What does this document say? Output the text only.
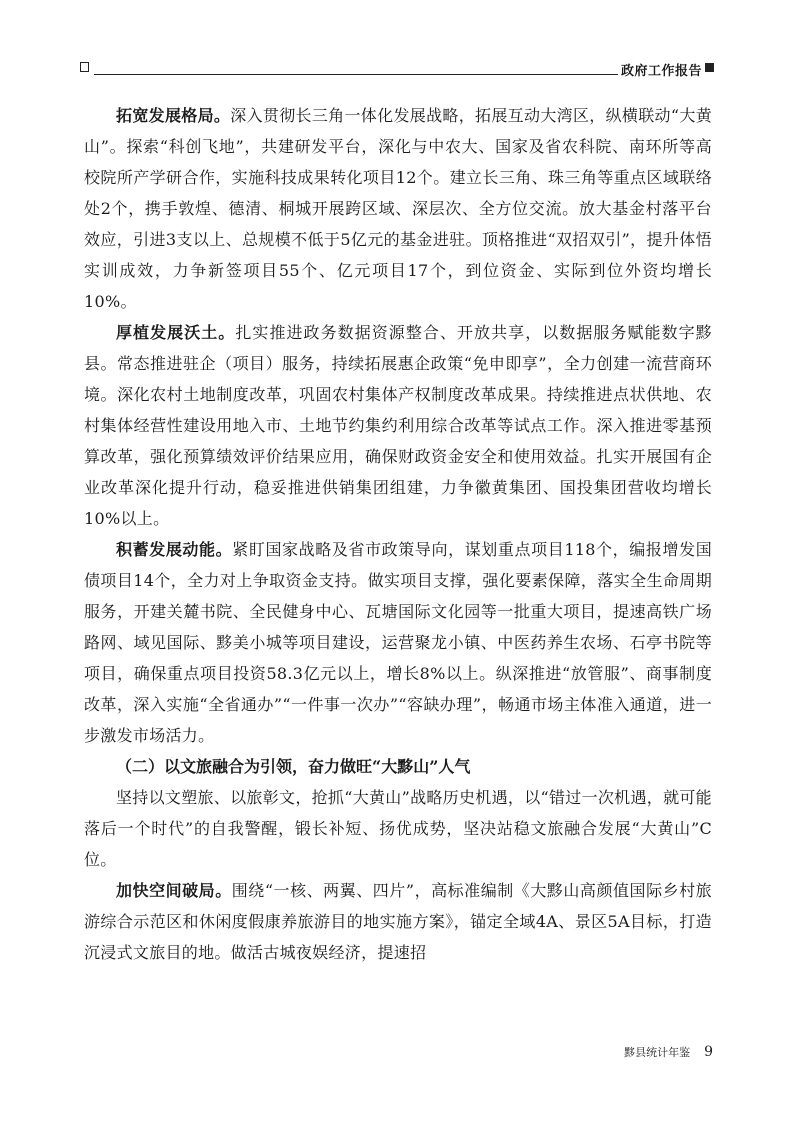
政府工作报告

拓宽发展格局。深入贯彻长三角一体化发展战略，拓展互动大湾区，纵横联动“大黄山”。探索“科创飞地”，共建研发平台，深化与中农大、国家及省农科院、南环所等高校院所产学研合作，实施科技成果转化项目12个。建立长三角、珠三角等重点区域联络处2个，携手敦煌、德清、桐城开展跨区域、深层次、全方位交流。放大基金村落平台效应，引进3支以上、总规模不低于5亿元的基金进驻。顶格推进“双招双引”，提升体悟实训成效，力争新签项目55个、亿元项目17个，到位资金、实际到位外资均增长10%。

厚植发展沃土。扎实推进政务数据资源整合、开放共享，以数据服务赋能数字黟县。常态推进驻企（项目）服务，持续拓展惠企政策“免申即享”，全力创建一流营商环境。深化农村土地制度改革，巩固农村集体产权制度改革成果。持续推进点状供地、农村集体经营性建设用地入市、土地节约集约利用综合改革等试点工作。深入推进零基预算改革，强化预算绩效评价结果应用，确保财政资金安全和使用效益。扎实开展国有企业改革深化提升行动，稳妥推进供销集团组建，力争徽黄集团、国投集团营收均增长10%以上。

积蓄发展动能。紧盯国家战略及省市政策导向，谋划重点项目118个，编报增发国债项目14个，全力对上争取资金支持。做实项目支撑，强化要素保障，落实全生命周期服务，开建关麓书院、全民健身中心、瓦塘国际文化园等一批重大项目，提速高铁广场路网、域见国际、黟美小城等项目建设，运营聚龙小镇、中医药养生农场、石亭书院等项目，确保重点项目投资58.3亿元以上，增长8%以上。纵深推进“放管服”、商事制度改革，深入实施“全省通办”“一件事一次办”“容缺办理”，畅通市场主体准入通道，进一步激发市场活力。

（二）以文旅融合为引领，奋力做旺“大黟山”人气

坚持以文塑旅、以旅彰文，抢抓“大黄山”战略历史机遇，以“错过一次机遇，就可能落后一个时代”的自我警醒，锻长补短、扬优成势，坚决站稳文旅融合发展“大黄山”C位。

加快空间破局。围绕“一核、两翼、四片”，高标准编制《大黟山高颜值国际乡村旅游综合示范区和休闲度假康养旅游目的地实施方案》，锚定全域4A、景区5A目标，打造沉浸式文旅目的地。做活古城夜娱经济，提速招

黟县统计年鉴 9
